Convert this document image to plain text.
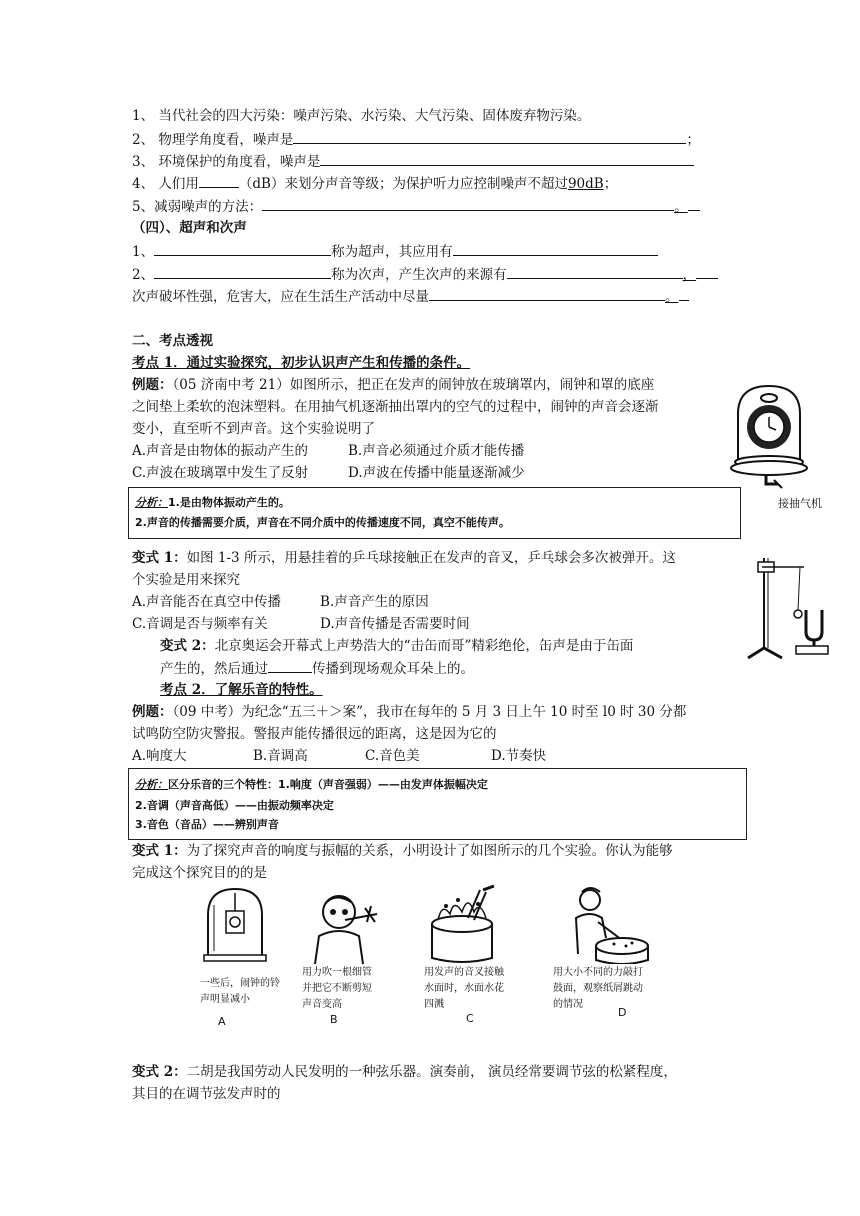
1、 当代社会的四大污染：噪声污染、水污染、大气污染、固体废弃物污染。
2、 物理学角度看，噪声是	；
3、 环境保护的角度看，噪声是
4、 人们用	（dB）来划分声音等级；为保护听力应控制噪声不超过90dB；
5、减弱噪声的方法：	。
（四）、超声和次声
1、	称为超声，其应用有
2、	称为次声，产生次声的来源有	，
次声破坏性强，危害大，应在生活生产活动中尽量	。
二、考点透视
考点 1．通过实验探究，初步认识声产生和传播的条件。
例题：（05 济南中考 21）如图所示，把正在发声的闹钟放在玻璃罩内，闹钟和罩的底座
之间垫上柔软的泡沫塑料。在用抽气机逐渐抽出罩内的空气的过程中，闹钟的声音会逐渐
变小，直至听不到声音。这个实验说明了
A.声音是由物体的振动产生的	B.声音必须通过介质才能传播
C.声波在玻璃罩中发生了反射	D.声波在传播中能量逐渐减少
分析：1.是由物体振动产生的。
2.声音的传播需要介质，声音在不同介质中的传播速度不同，真空不能传声。
接抽气机
变式 1：如图 1-3 所示，用悬挂着的乒乓球接触正在发声的音叉，乒乓球会多次被弹开。这
个实验是用来探究
A.声音能否在真空中传播	B.声音产生的原因
C.音调是否与频率有关	D.声音传播是否需要时间
变式 2：北京奥运会开幕式上声势浩大的“击缶而哥”精彩绝伦，缶声是由于缶面
产生的，然后通过	传播到现场观众耳朵上的。
考点 2．了解乐音的特性。
例题：（09 中考）为纪念“五三＋＞案”，我市在每年的 5 月 3 日上午 10 时至 l0 时 30 分都
试鸣防空防灾警报。警报声能传播很远的距离，这是因为它的
A.响度大	B.音调高	C.音色美	D.节奏快
分析：区分乐音的三个特性：1.响度（声音强弱）——由发声体振幅决定
2.音调（声音高低）——由振动频率决定
3.音色（音品）——辨别声音
变式 1：为了探究声音的响度与振幅的关系，小明设计了如图所示的几个实验。你认为能够
完成这个探究目的的是
一些后，闹钟的铃
声明显减小
A
用力吹一根细管
并把它不断剪短
声音变高
B
用发声的音叉接触
水面时，水面水花
四溅
C
用大小不同的力敲打
鼓面，观察纸屑跳动
的情况
D
变式 2：二胡是我国劳动人民发明的一种弦乐器。演奏前， 演员经常要调节弦的松紧程度，
其目的在调节弦发声时的
